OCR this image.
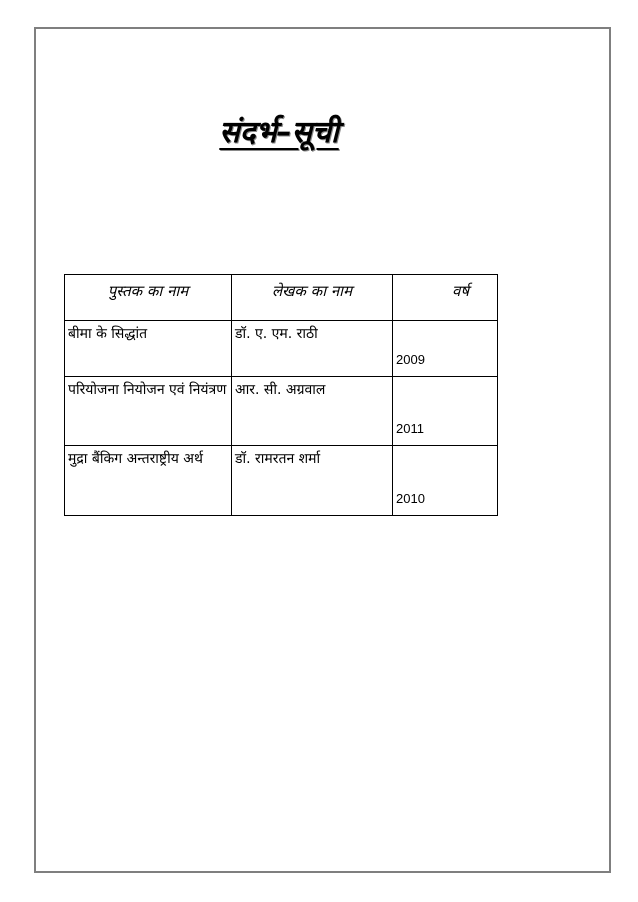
संदर्भ–सूची
पुस्तक का नाम	लेखक का नाम	वर्ष
बीमा के सिद्धांत	डॉ. ए. एम. राठी	2009
परियोजना नियोजन एवं नियंत्रण	आर. सी. अग्रवाल	2011
मुद्रा बैंकिग अन्तराष्ट्रीय अर्थ	डॉ. रामरतन शर्मा	2010
